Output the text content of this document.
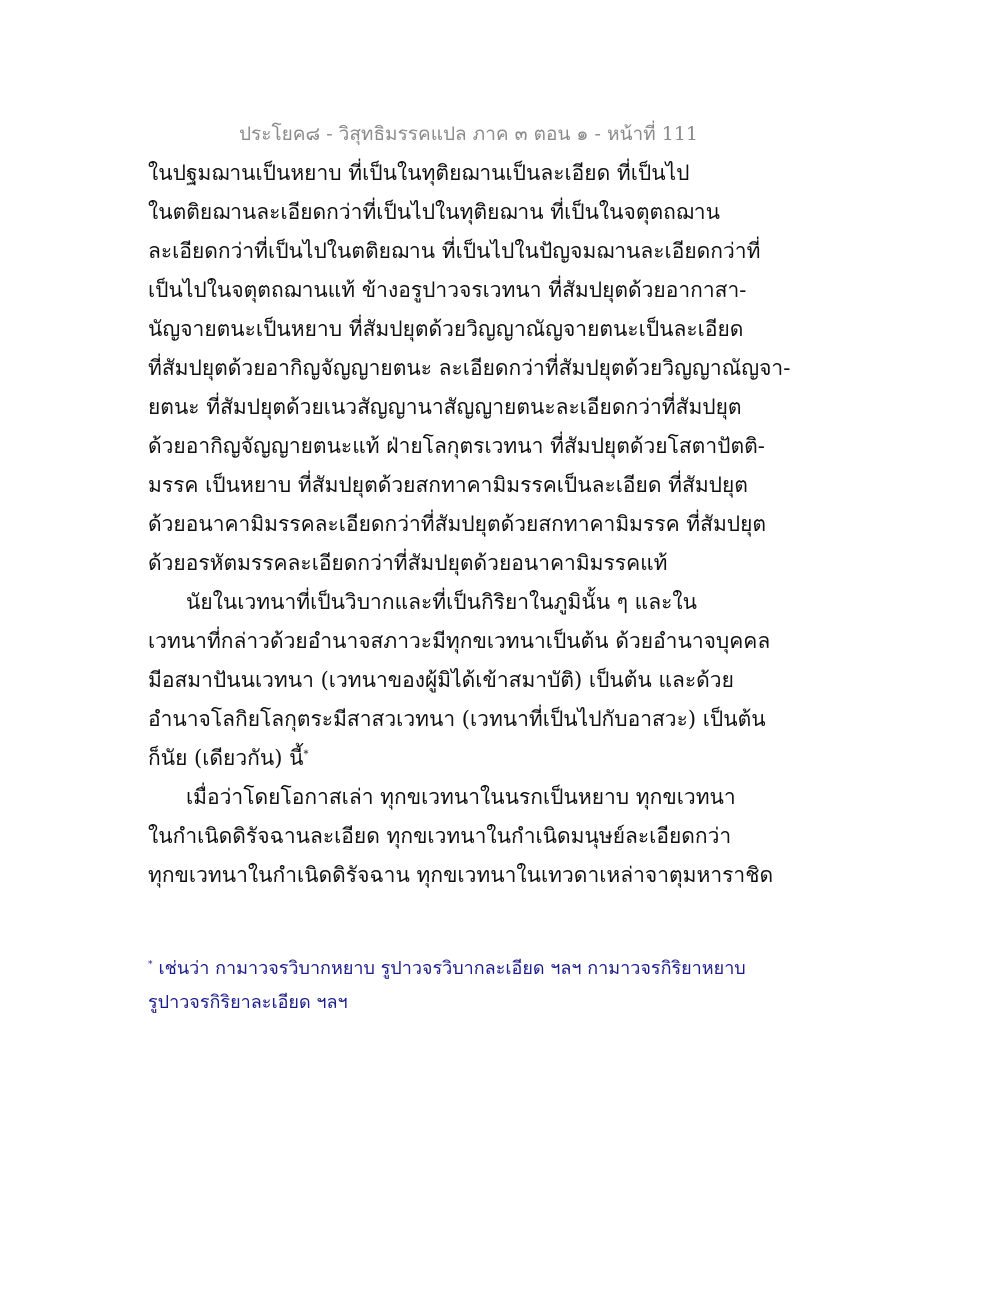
ประโยค๘ - วิสุทธิมรรคแปล ภาค ๓ ตอน ๑ - หน้าที่ 111
ในปฐมฌานเป็นหยาบ ที่เป็นในทุติยฌานเป็นละเอียด ที่เป็นไป
ในตติยฌานละเอียดกว่าที่เป็นไปในทุติยฌาน ที่เป็นในจตุตถฌาน
ละเอียดกว่าที่เป็นไปในตติยฌาน ที่เป็นไปในปัญจมฌานละเอียดกว่าที่
เป็นไปในจตุตถฌานแท้ ข้างอรูปาวจรเวทนา ที่สัมปยุตด้วยอากาสา-
นัญจายตนะเป็นหยาบ ที่สัมปยุตด้วยวิญญาณัญจายตนะเป็นละเอียด
ที่สัมปยุตด้วยอากิญจัญญายตนะ ละเอียดกว่าที่สัมปยุตด้วยวิญญาณัญจา-
ยตนะ ที่สัมปยุตด้วยเนวสัญญานาสัญญายตนะละเอียดกว่าที่สัมปยุต
ด้วยอากิญจัญญายตนะแท้ ฝ่ายโลกุตรเวทนา ที่สัมปยุตด้วยโสตาปัตติ-
มรรค เป็นหยาบ ที่สัมปยุตด้วยสกทาคามิมรรคเป็นละเอียด ที่สัมปยุต
ด้วยอนาคามิมรรคละเอียดกว่าที่สัมปยุตด้วยสกทาคามิมรรค ที่สัมปยุต
ด้วยอรหัตมรรคละเอียดกว่าที่สัมปยุตด้วยอนาคามิมรรคแท้
นัยในเวทนาที่เป็นวิบากและที่เป็นกิริยาในภูมินั้น ๆ และใน
เวทนาที่กล่าวด้วยอำนาจสภาวะมีทุกขเวทนาเป็นต้น ด้วยอำนาจบุคคล
มีอสมาปันนเวทนา (เวทนาของผู้มิได้เข้าสมาบัติ) เป็นต้น และด้วย
อำนาจโลกิยโลกุตระมีสาสวเวทนา (เวทนาที่เป็นไปกับอาสวะ) เป็นต้น
ก็นัย (เดียวกัน) นี้*
เมื่อว่าโดยโอกาสเล่า ทุกขเวทนาในนรกเป็นหยาบ ทุกขเวทนา
ในกำเนิดดิรัจฉานละเอียด ทุกขเวทนาในกำเนิดมนุษย์ละเอียดกว่า
ทุกขเวทนาในกำเนิดดิรัจฉาน ทุกขเวทนาในเทวดาเหล่าจาตุมหาราชิด
* เช่นว่า กามาวจรวิบากหยาบ รูปาวจรวิบากละเอียด ฯลฯ กามาวจรกิริยาหยาบ
รูปาวจรกิริยาละเอียด ฯลฯ
